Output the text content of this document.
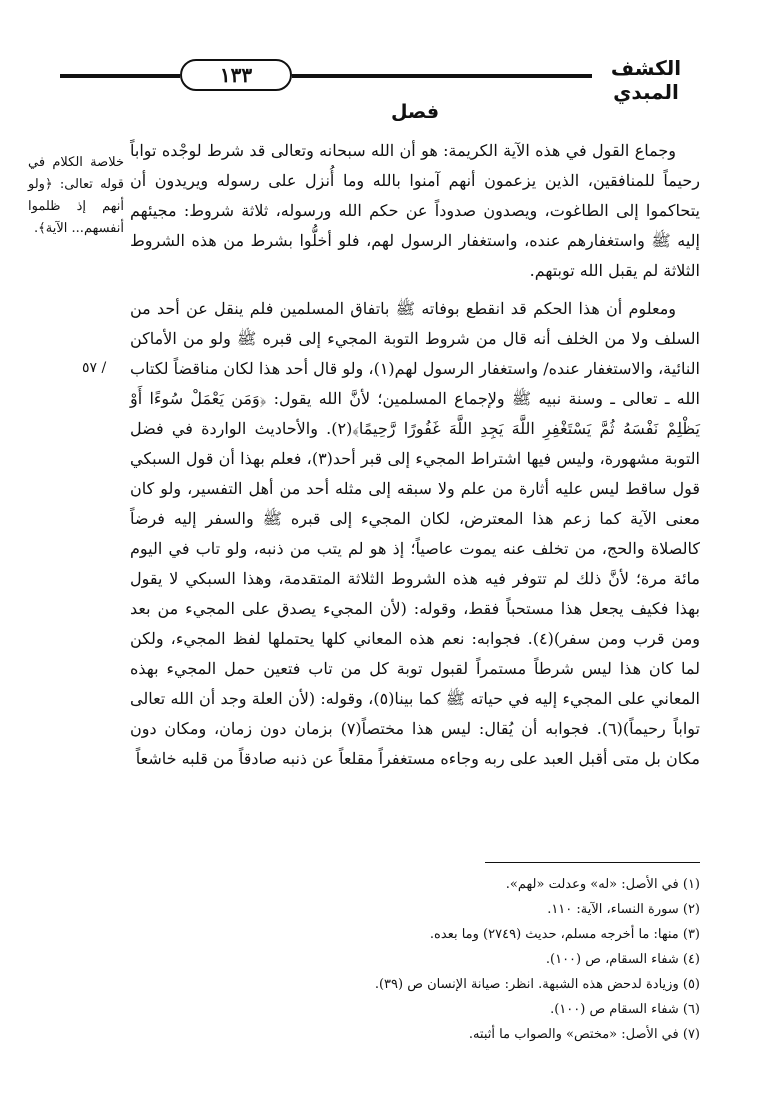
١٣٣	الكشف المبدي
فصل
خلاصة الكلام في قوله تعالى: ﴿ولو أنهم إذ ظلموا أنفسهم... الآية﴾.
/ ٥٧

وجماع القول في هذه الآية الكريمة: هو أن الله سبحانه وتعالى قد شرط لوجْده تواباً رحيماً للمنافقين، الذين يزعمون أنهم آمنوا بالله وما أُنزل على رسوله ويريدون أن يتحاكموا إلى الطاغوت، ويصدون صدوداً عن حكم الله ورسوله، ثلاثة شروط: مجيئهم إليه ﷺ واستغفارهم عنده، واستغفار الرسول لهم، فلو أخلُّوا بشرط من هذه الشروط الثلاثة لم يقبل الله توبتهم.

ومعلوم أن هذا الحكم قد انقطع بوفاته ﷺ باتفاق المسلمين فلم ينقل عن أحد من السلف ولا من الخلف أنه قال من شروط التوبة المجيء إلى قبره ﷺ ولو من الأماكن النائية، والاستغفار عنده/ واستغفار الرسول لهم(١)، ولو قال أحد هذا لكان مناقضاً لكتاب الله ـ تعالى ـ وسنة نبيه ﷺ ولإجماع المسلمين؛ لأنَّ الله يقول: ﴿وَمَن يَعْمَلْ سُوءًا أَوْ يَظْلِمْ نَفْسَهُ ثُمَّ يَسْتَغْفِرِ اللَّهَ يَجِدِ اللَّهَ غَفُورًا رَّحِيمًا﴾(٢). والأحاديث الواردة في فضل التوبة مشهورة، وليس فيها اشتراط المجيء إلى قبر أحد(٣)، فعلم بهذا أن قول السبكي قول ساقط ليس عليه أثارة من علم ولا سبقه إلى مثله أحد من أهل التفسير، ولو كان معنى الآية كما زعم هذا المعترض، لكان المجيء إلى قبره ﷺ والسفر إليه فرضاً كالصلاة والحج، من تخلف عنه يموت عاصياً؛ إذ هو لم يتب من ذنبه، ولو تاب في اليوم مائة مرة؛ لأنَّ ذلك لم تتوفر فيه هذه الشروط الثلاثة المتقدمة، وهذا السبكي لا يقول بهذا فكيف يجعل هذا مستحباً فقط، وقوله: (لأن المجيء يصدق على المجيء من بعد ومن قرب ومن سفر)(٤). فجوابه: نعم هذه المعاني كلها يحتملها لفظ المجيء، ولكن لما كان هذا ليس شرطاً مستمراً لقبول توبة كل من تاب فتعين حمل المجيء بهذه المعاني على المجيء إليه في حياته ﷺ كما بينا(٥)، وقوله: (لأن العلة وجد أن الله تعالى تواباً رحيماً)(٦). فجوابه أن يُقال: ليس هذا مختصاً(٧) بزمان دون زمان، ومكان دون مكان بل متى أقبل العبد على ربه وجاءه مستغفراً مقلعاً عن ذنبه صادقاً من قلبه خاشعاً

(١) في الأصل: «له» وعدلت «لهم».
(٢) سورة النساء، الآية: ١١٠.
(٣) منها: ما أخرجه مسلم، حديث (٢٧٤٩) وما بعده.
(٤) شفاء السقام، ص (١٠٠).
(٥) وزيادة لدحض هذه الشبهة. انظر: صيانة الإنسان ص (٣٩).
(٦) شفاء السقام ص (١٠٠).
(٧) في الأصل: «مختص» والصواب ما أثبته.
